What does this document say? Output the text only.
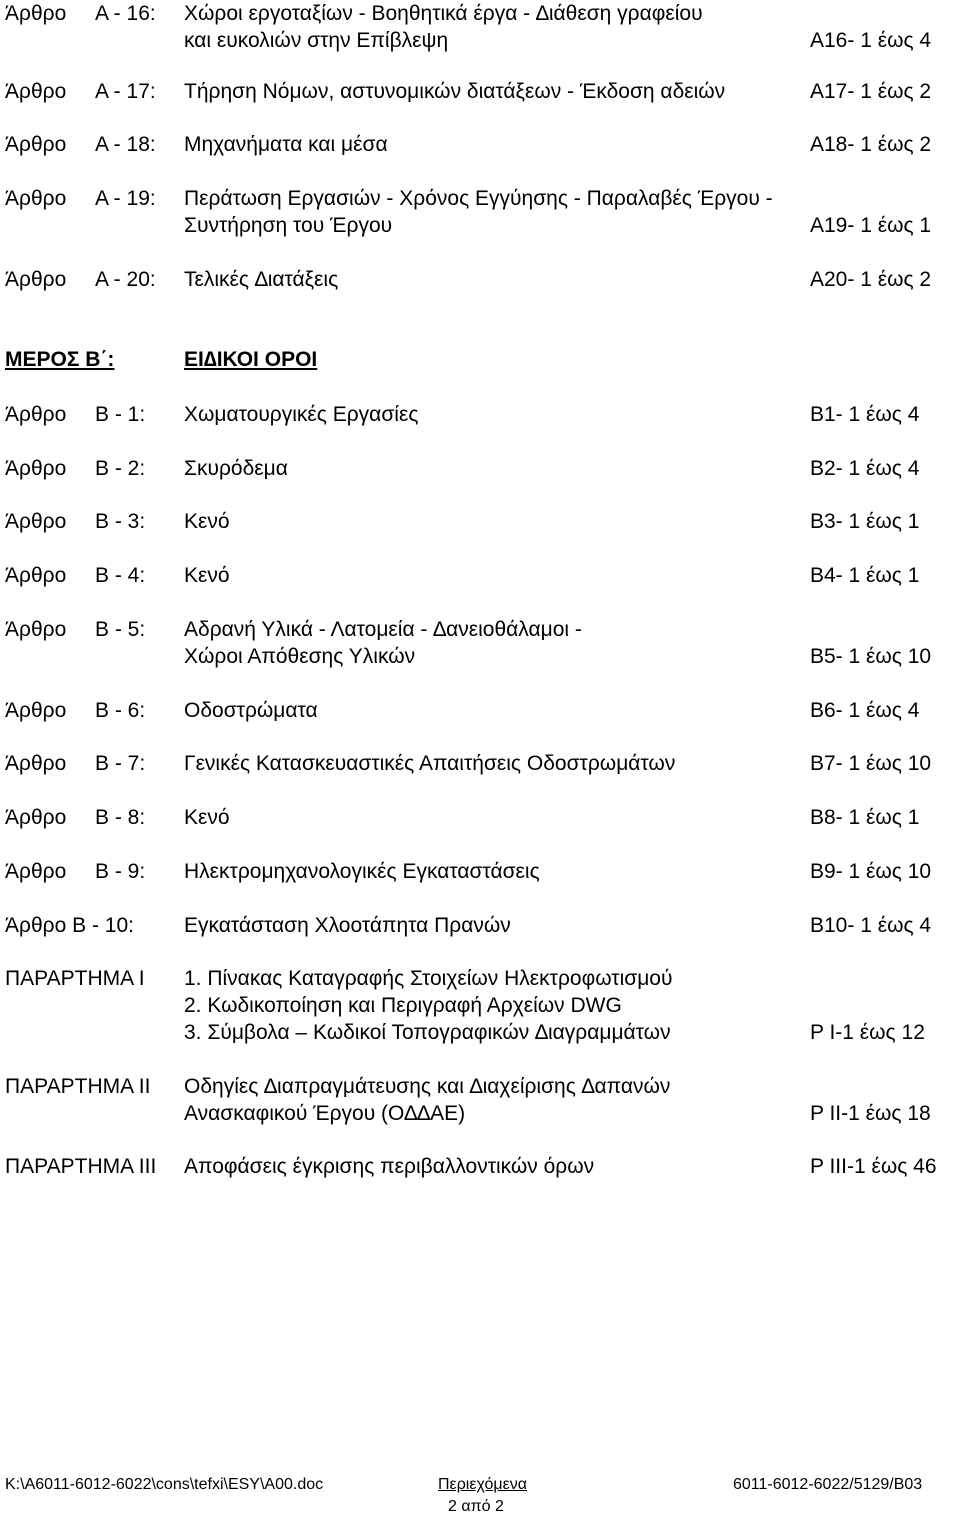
Άρθρο Α - 16: Χώροι εργοταξίων - Βοηθητικά έργα - ∆ιάθεση γραφείου
και ευκολιών στην Επίβλεψη	Α16- 1 έως 4
Άρθρο Α - 17: Τήρηση Νόμων, αστυνομικών διατάξεων - Έκδοση αδειών	Α17- 1 έως 2
Άρθρο Α - 18: Μηχανήματα και μέσα	Α18- 1 έως 2
Άρθρο Α - 19: Περάτωση Εργασιών - Χρόνος Εγγύησης - Παραλαβές Έργου -
Συντήρηση του Έργου	Α19- 1 έως 1
Άρθρο Α - 20: Τελικές ∆ιατάξεις	Α20- 1 έως 2
ΜΕΡΟΣ Β΄:	ΕΙ∆ΙΚΟΙ ΟΡΟΙ
Άρθρο Β - 1: Χωματουργικές Εργασίες	Β1- 1 έως 4
Άρθρο Β - 2: Σκυρόδεμα	Β2- 1 έως 4
Άρθρο Β - 3: Κενό	Β3- 1 έως 1
Άρθρο Β - 4: Κενό	Β4- 1 έως 1
Άρθρο Β - 5: Αδρανή Υλικά - Λατομεία - ∆ανειοθάλαμοι -
Χώροι Απόθεσης Υλικών	Β5- 1 έως 10
Άρθρο Β - 6: Οδοστρώματα	Β6- 1 έως 4
Άρθρο Β - 7: Γενικές Κατασκευαστικές Απαιτήσεις Οδοστρωμάτων	Β7- 1 έως 10
Άρθρο Β - 8: Κενό	Β8- 1 έως 1
Άρθρο Β - 9: Ηλεκτρομηχανολογικές Εγκαταστάσεις	Β9- 1 έως 10
Άρθρο Β - 10: Εγκατάσταση Χλοοτάπητα Πρανών	Β10- 1 έως 4
ΠΑΡΑΡΤΗΜΑ Ι 1. Πίνακας Καταγραφής Στοιχείων Ηλεκτροφωτισμού
2. Κωδικοποίηση και Περιγραφή Αρχείων DWG
3. Σύμβολα – Κωδικοί Τοπογραφικών ∆ιαγραμμάτων	Ρ Ι-1 έως 12
ΠΑΡΑΡΤΗΜΑ ΙΙ Οδηγίες ∆ιαπραγμάτευσης και ∆ιαχείρισης ∆απανών
Ανασκαφικού Έργου (Ο∆∆ΑΕ)	Ρ ΙΙ-1 έως 18
ΠΑΡΑΡΤΗΜΑ ΙΙΙ Αποφάσεις έγκρισης περιβαλλοντικών όρων	Ρ ΙΙΙ-1 έως 46
K:\A6011-6012-6022\cons\tefxi\ESY\A00.doc	Περιεχόμενα	6011-6012-6022/5129/B03
2 από 2
